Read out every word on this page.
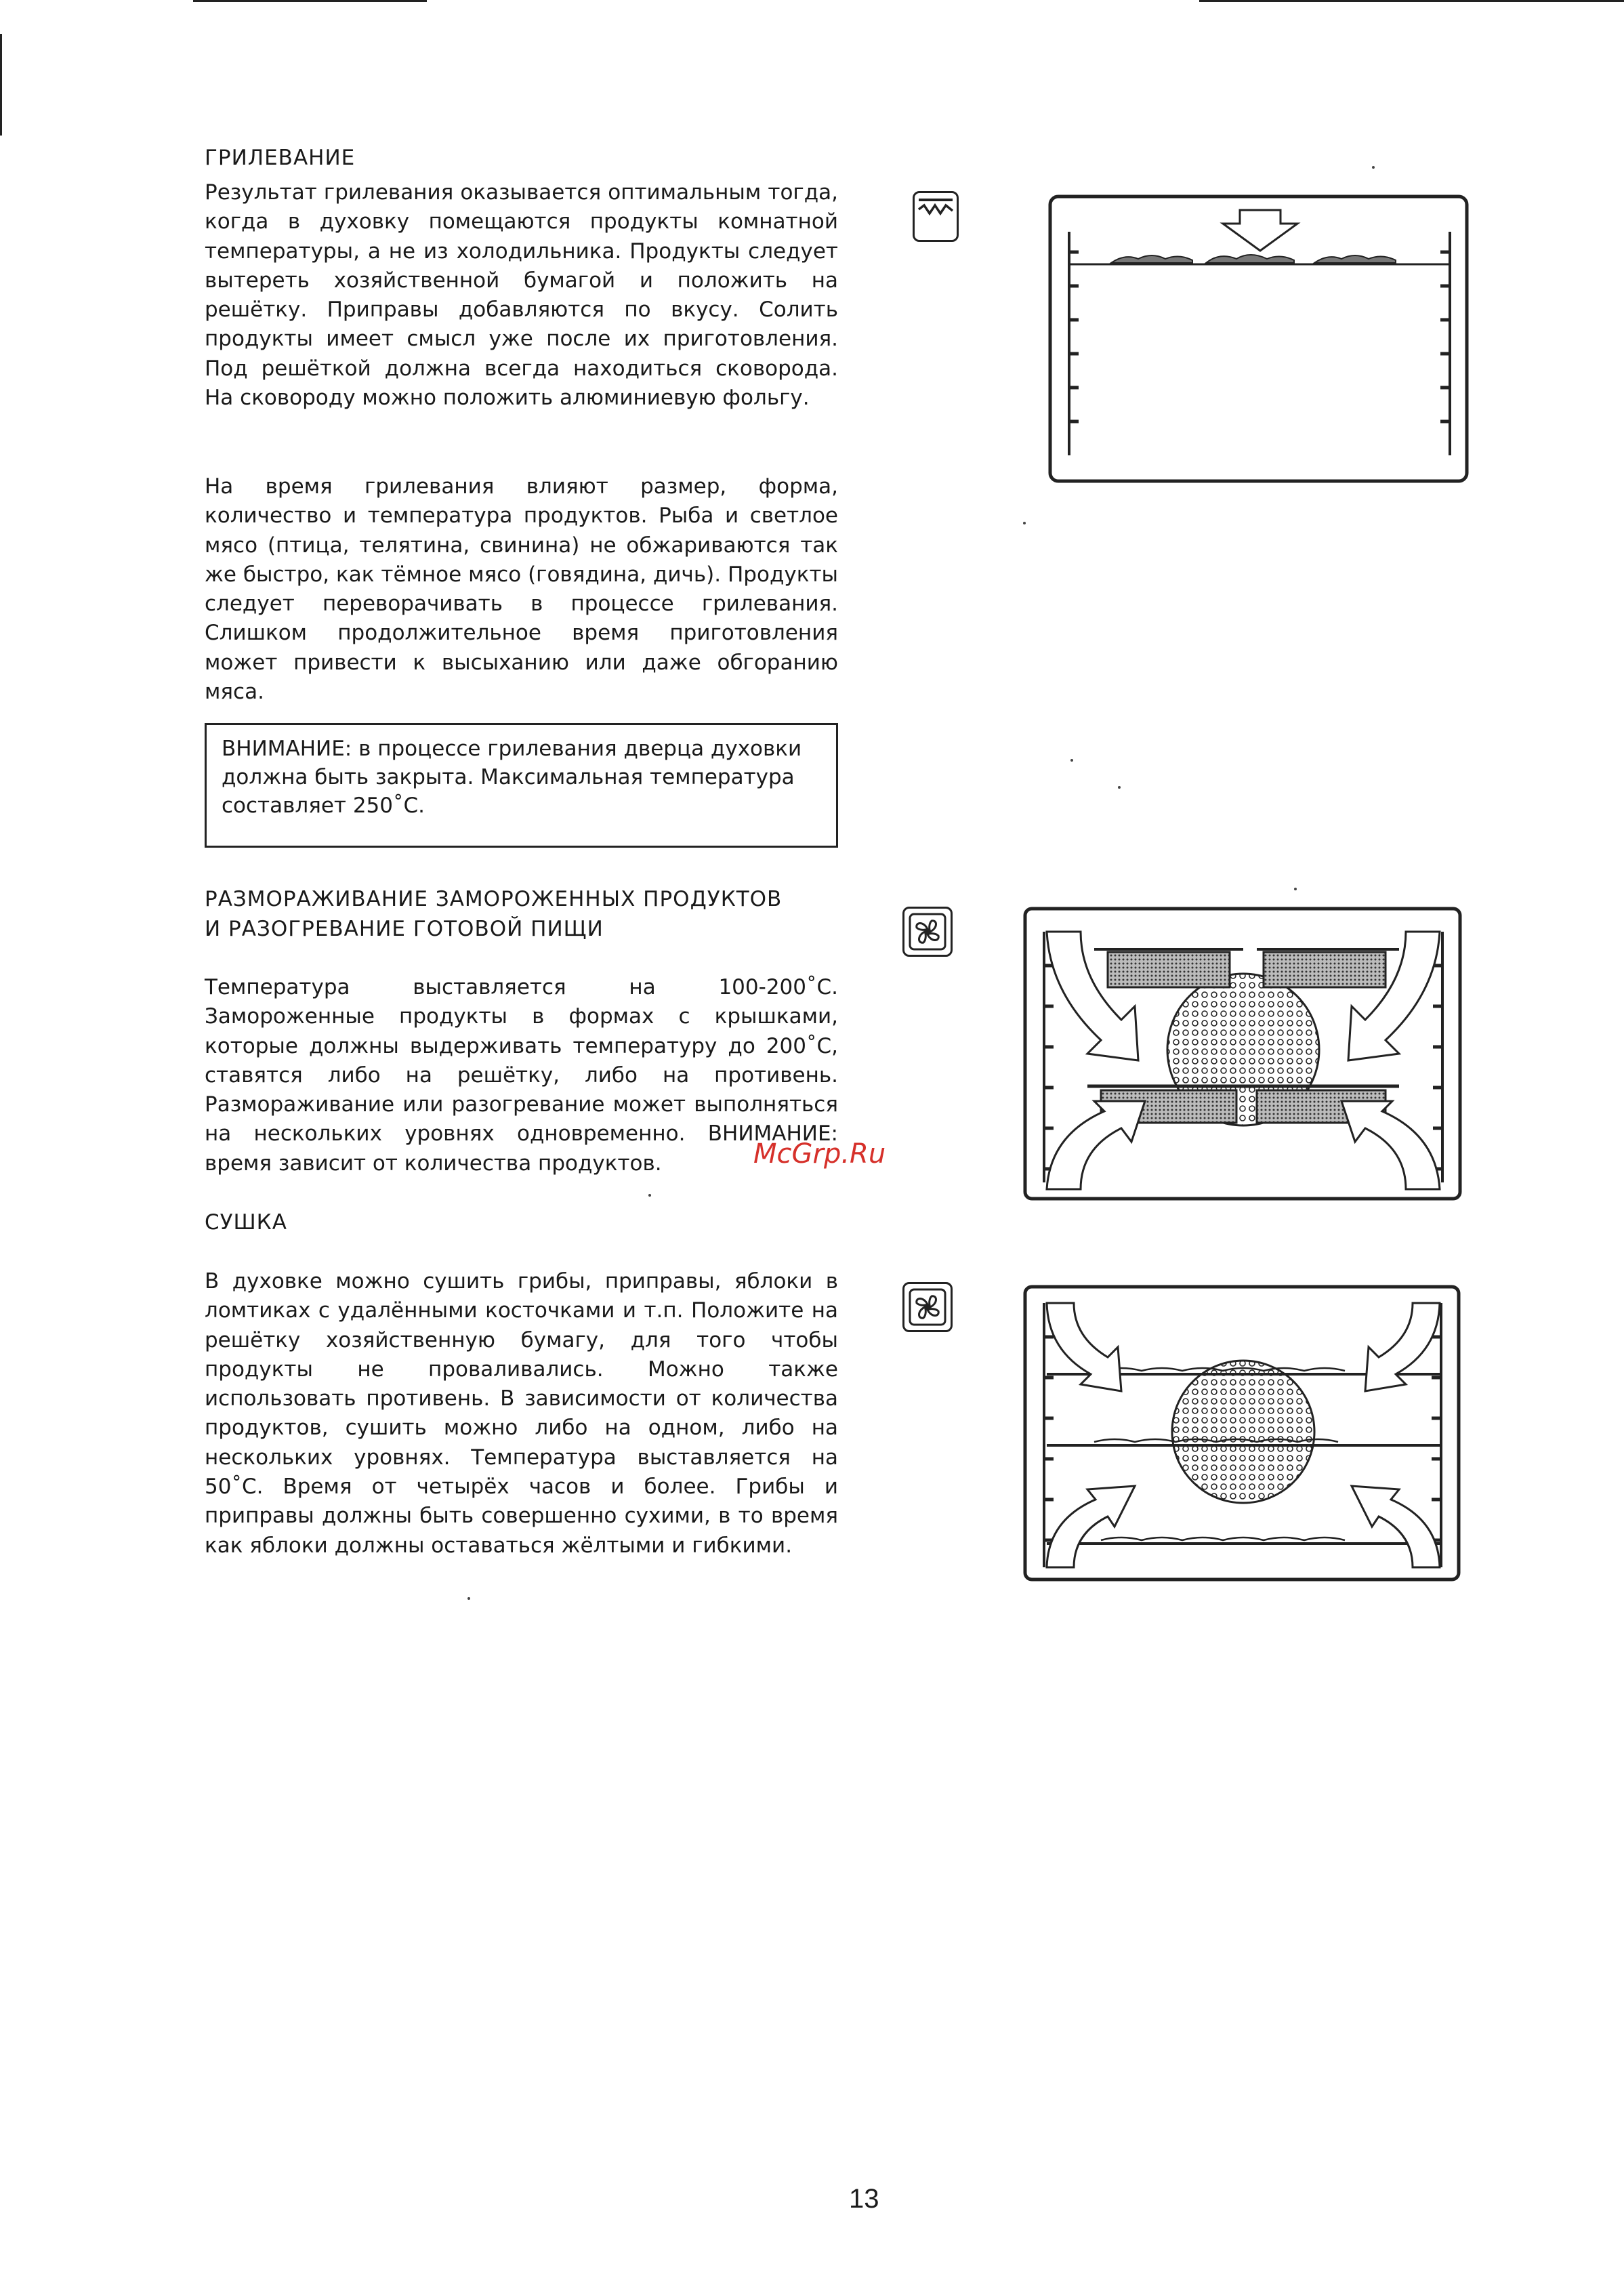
ГРИЛЕВАНИЕ

Результат грилевания оказывается оптимальным тогда, когда в духовку помещаются продукты комнатной температуры, а не из холодильника. Продукты следует вытереть хозяйственной бумагой и положить на решётку. Приправы добавляются по вкусу. Солить продукты имеет смысл уже после их приготовления. Под решёткой должна всегда находиться сковорода. На сковороду можно положить алюминиевую фольгу.

На время грилевания влияют размер, форма, количество и температура продуктов. Рыба и светлое мясо (птица, телятина, свинина) не обжариваются так же быстро, как тёмное мясо (говядина, дичь). Продукты следует переворачивать в процессе грилевания. Слишком продолжительное время приготовления может привести к высыханию или даже обгоранию мяса.

ВНИМАНИЕ: в процессе грилевания дверца духовки должна быть закрыта. Максимальная температура составляет 250˚С.
РАЗМОРАЖИВАНИЕ ЗАМОРОЖЕННЫХ ПРОДУКТОВ
И РАЗОГРЕВАНИЕ ГОТОВОЙ ПИЩИ

Температура выставляется на 100-200˚С. Замороженные продукты в формах с крышками, которые должны выдерживать температуру до 200˚С, ставятся либо на решётку, либо на противень. Размораживание или разогревание может выполняться на нескольких уровнях одновременно. ВНИМАНИЕ: время зависит от количества продуктов.	McGrp.Ru
СУШКА

В духовке можно сушить грибы, приправы, яблоки в ломтиках с удалёнными косточками и т.п. Положите на решётку хозяйственную бумагу, для того чтобы продукты не проваливались. Можно также использовать противень. В зависимости от количества продуктов, сушить можно либо на одном, либо на нескольких уровнях. Температура выставляется на 50˚С. Время от четырёх часов и более. Грибы и приправы должны быть совершенно сухими, в то время как яблоки должны оставаться жёлтыми и гибкими.

13
